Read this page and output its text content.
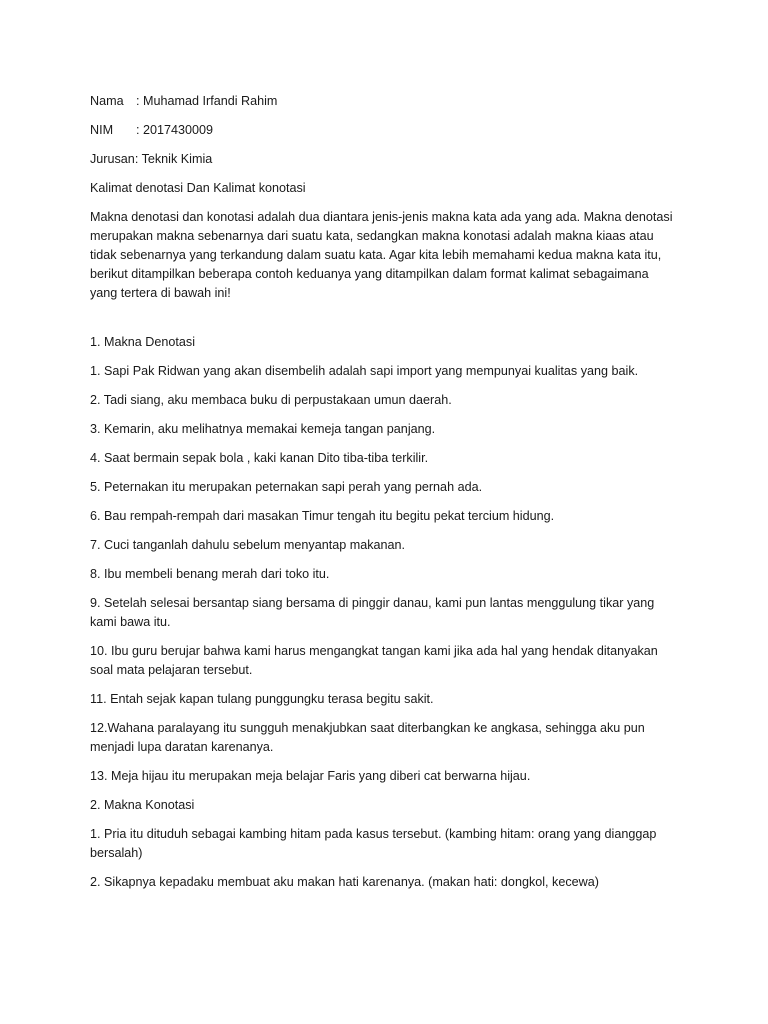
Nama : Muhamad Irfandi Rahim
NIM	: 2017430009
Jurusan : Teknik Kimia
Kalimat denotasi Dan Kalimat konotasi
Makna denotasi dan konotasi adalah dua diantara jenis-jenis makna kata ada yang ada. Makna denotasi
merupakan makna sebenarnya dari suatu kata, sedangkan makna konotasi adalah makna kiaas atau
tidak sebenarnya yang terkandung dalam suatu kata. Agar kita lebih memahami kedua makna kata itu,
berikut ditampilkan beberapa contoh keduanya yang ditampilkan dalam format kalimat sebagaimana
yang tertera di bawah ini!
1. Makna Denotasi
1. Sapi Pak Ridwan yang akan disembelih adalah sapi import yang mempunyai kualitas yang baik.
2. Tadi siang, aku membaca buku di perpustakaan umun daerah.
3. Kemarin, aku melihatnya memakai kemeja tangan panjang.
4. Saat bermain sepak bola , kaki kanan Dito tiba-tiba terkilir.
5. Peternakan itu merupakan peternakan sapi perah yang pernah ada.
6. Bau rempah-rempah dari masakan Timur tengah itu begitu pekat tercium hidung.
7. Cuci tanganlah dahulu sebelum menyantap makanan.
8. Ibu membeli benang merah dari toko itu.
9. Setelah selesai bersantap siang bersama di pinggir danau, kami pun lantas menggulung tikar yang
kami bawa itu.
10. Ibu guru berujar bahwa kami harus mengangkat tangan kami jika ada hal yang hendak ditanyakan
soal mata pelajaran tersebut.
11. Entah sejak kapan tulang punggungku terasa begitu sakit.
12.Wahana paralayang itu sungguh menakjubkan saat diterbangkan ke angkasa, sehingga aku pun
menjadi lupa daratan karenanya.
13. Meja hijau itu merupakan meja belajar Faris yang diberi cat berwarna hijau.
2. Makna Konotasi
1. Pria itu dituduh sebagai kambing hitam pada kasus tersebut. (kambing hitam: orang yang dianggap
bersalah)
2. Sikapnya kepadaku membuat aku makan hati karenanya. (makan hati: dongkol, kecewa)
